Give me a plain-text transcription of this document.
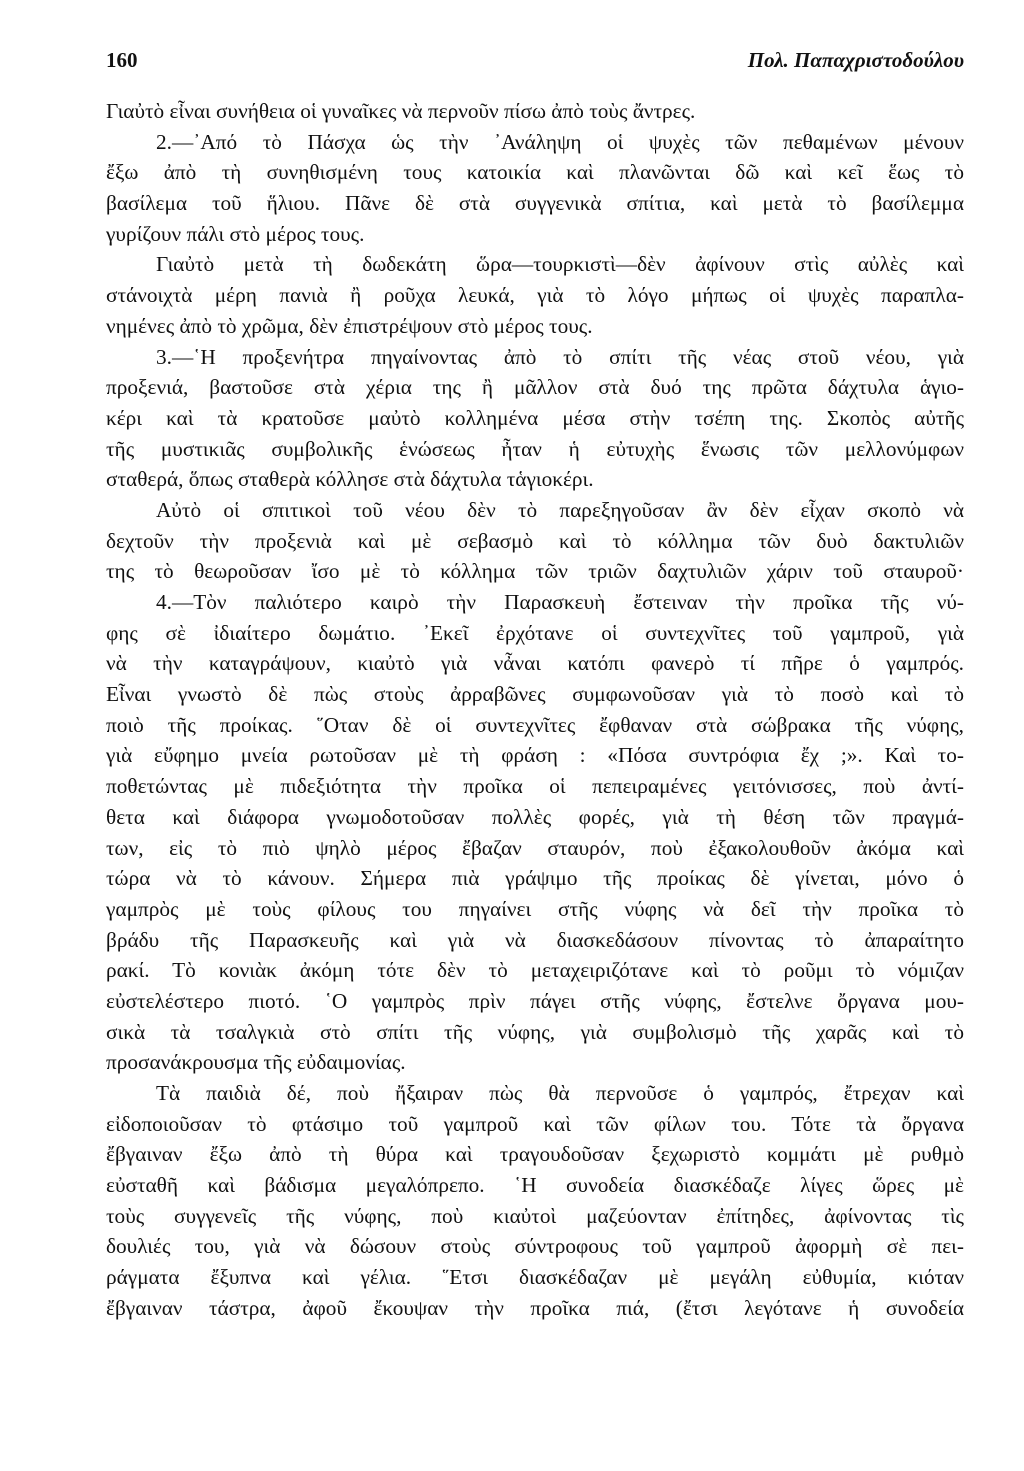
160	Πολ. Παπαχριστοδούλου
Γιαὐτὸ εἶναι συνήθεια οἱ γυναῖκες νὰ περνοῦν πίσω ἀπὸ τοὺς ἄντρες.
2.—᾿Από τὸ Πάσχα ὡς τὴν ᾿Ανάληψη οἱ ψυχὲς τῶν πεθαμένων μένουν
ἔξω ἀπὸ τὴ συνηθισμένη τους κατοικία καὶ πλανῶνται δῶ καὶ κεῖ ἕως τὸ
βασίλεμα τοῦ ἥλιου. Πᾶνε δὲ στὰ συγγενικὰ σπίτια, καὶ μετὰ τὸ βασίλεμμα
γυρίζουν πάλι στὸ μέρος τους.
Γιαὐτὸ μετὰ τὴ δωδεκάτη ὥρα—τουρκιστὶ—δὲν ἀφίνουν στὶς αὐλὲς καὶ
στάνοιχτὰ μέρη πανιὰ ἢ ροῦχα λευκά, γιὰ τὸ λόγο μήπως οἱ ψυχὲς παραπλα-
νημένες ἀπὸ τὸ χρῶμα, δὲν ἐπιστρέψουν στὸ μέρος τους.
3.—῾Η προξενήτρα πηγαίνοντας ἀπὸ τὸ σπίτι τῆς νέας στοῦ νέου, γιὰ
προξενιά, βαστοῦσε στὰ χέρια της ἢ μᾶλλον στὰ δυό της πρῶτα δάχτυλα ἁγιο-
κέρι καὶ τὰ κρατοῦσε μαὐτὸ κολλημένα μέσα στὴν τσέπη της. Σκοπὸς αὐτῆς
τῆς μυστικιᾶς συμβολικῆς ἑνώσεως ἦταν ἡ εὐτυχὴς ἕνωσις τῶν μελλονύμφων
σταθερά, ὅπως σταθερὰ κόλλησε στὰ δάχτυλα τἁγιοκέρι.
Αὐτὸ οἱ σπιτικοὶ τοῦ νέου δὲν τὸ παρεξηγοῦσαν ἂν δὲν εἶχαν σκοπὸ νὰ
δεχτοῦν τὴν προξενιὰ καὶ μὲ σεβασμὸ καὶ τὸ κόλλημα τῶν δυὸ δακτυλιῶν
της τὸ θεωροῦσαν ἴσο μὲ τὸ κόλλημα τῶν τριῶν δαχτυλιῶν χάριν τοῦ σταυροῦ·
4.—Τὸν παλιότερο καιρὸ τὴν Παρασκευὴ ἔστειναν τὴν προῖκα τῆς νύ-
φης σὲ ἰδιαίτερο δωμάτιο. ᾿Εκεῖ ἐρχότανε οἱ συντεχνῖτες τοῦ γαμπροῦ, γιὰ
νὰ τὴν καταγράψουν, κιαὐτὸ γιὰ νἆναι κατόπι φανερὸ τί πῆρε ὁ γαμπρός.
Εἶναι γνωστὸ δὲ πὼς στοὺς ἀρραβῶνες συμφωνοῦσαν γιὰ τὸ ποσὸ καὶ τὸ
ποιὸ τῆς προίκας. ῞Οταν δὲ οἱ συντεχνῖτες ἔφθαναν στὰ σώβρακα τῆς νύφης,
γιὰ εὔφημο μνεία ρωτοῦσαν μὲ τὴ φράση : «Πόσα συντρόφια ἔχ ;». Καὶ το-
ποθετώντας μὲ πιδεξιότητα τὴν προῖκα οἱ πεπειραμένες γειτόνισσες, ποὺ ἀντί-
θετα καὶ διάφορα γνωμοδοτοῦσαν πολλὲς φορές, γιὰ τὴ θέση τῶν πραγμά-
των, εἰς τὸ πιὸ ψηλὸ μέρος ἔβαζαν σταυρόν, ποὺ ἐξακολουθοῦν ἀκόμα καὶ
τώρα νὰ τὸ κάνουν. Σήμερα πιὰ γράψιμο τῆς προίκας δὲ γίνεται, μόνο ὁ
γαμπρὸς μὲ τοὺς φίλους του πηγαίνει στῆς νύφης νὰ δεῖ τὴν προῖκα τὸ
βράδυ τῆς Παρασκευῆς καὶ γιὰ νὰ διασκεδάσουν πίνοντας τὸ ἀπαραίτητο
ρακί. Τὸ κονιὰκ ἀκόμη τότε δὲν τὸ μεταχειριζότανε καὶ τὸ ροῦμι τὸ νόμιζαν
εὐστελέστερο πιοτό. ῾Ο γαμπρὸς πρὶν πάγει στῆς νύφης, ἔστελνε ὄργανα μου-
σικὰ τὰ τσαλγκιὰ στὸ σπίτι τῆς νύφης, γιὰ συμβολισμὸ τῆς χαρᾶς καὶ τὸ
προσανάκρουσμα τῆς εὐδαιμονίας.
Τὰ παιδιὰ δέ, ποὺ ἤξαιραν πὼς θὰ περνοῦσε ὁ γαμπρός, ἔτρεχαν καὶ
εἰδοποιοῦσαν τὸ φτάσιμο τοῦ γαμπροῦ καὶ τῶν φίλων του. Τότε τὰ ὄργανα
ἔβγαιναν ἔξω ἀπὸ τὴ θύρα καὶ τραγουδοῦσαν ξεχωριστὸ κομμάτι μὲ ρυθμὸ
εὐσταθῆ καὶ βάδισμα μεγαλόπρεπο. ῾Η συνοδεία διασκέδαζε λίγες ὥρες μὲ
τοὺς συγγενεῖς τῆς νύφης, ποὺ κιαὐτοὶ μαζεύονταν ἐπίτηδες, ἀφίνοντας τὶς
δουλιές του, γιὰ νὰ δώσουν στοὺς σύντροφους τοῦ γαμπροῦ ἀφορμὴ σὲ πει-
ράγματα ἔξυπνα καὶ γέλια. ῞Ετσι διασκέδαζαν μὲ μεγάλη εὐθυμία, κιόταν
ἔβγαιναν τάστρα, ἀφοῦ ἔκουψαν τὴν προῖκα πιά, (ἔτσι λεγότανε ἡ συνοδεία
